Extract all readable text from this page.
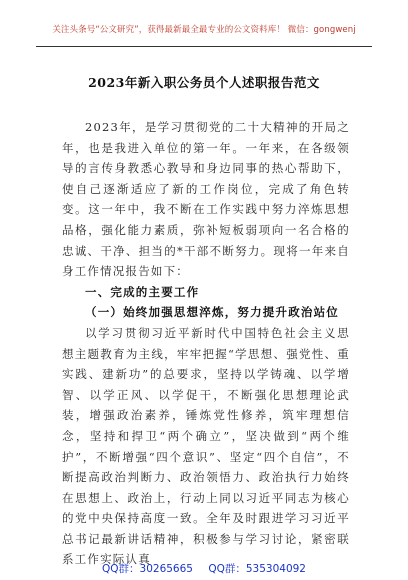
关注头条号“公文研究”，获得最新最全最专业的公文资料库！ 微信：gongwenj
2023年新入职公务员个人述职报告范文

2023年，是学习贯彻党的二十大精神的开局之年，也是我进入单位的第一年。一年来，在各级领导的言传身教悉心教导和身边同事的热心帮助下，使自己逐渐适应了新的工作岗位，完成了角色转变。这一年中，我不断在工作实践中努力淬炼思想品格，强化能力素质，弥补短板弱项向一名合格的忠诚、干净、担当的*干部不断努力。现将一年来自身工作情况报告如下：

一、完成的主要工作

（一）始终加强思想淬炼，努力提升政治站位

以学习贯彻习近平新时代中国特色社会主义思想主题教育为主线，牢牢把握“学思想、强党性、重实践、建新功”的总要求，坚持以学铸魂、以学增智、以学正风、以学促干，不断强化思想理论武装，增强政治素养，锤炼党性修养，筑牢理想信念，坚持和捍卫“两个确立”，坚决做到“两个维护”，不断增强“四个意识”、坚定“四个自信”，不断提高政治判断力、政治领悟力、政治执行力始终在思想上、政治上，行动上同以习近平同志为核心的党中央保持高度一致。全年及时跟进学习习近平总书记最新讲话精神，积极参与学习讨论，紧密联系工作实际认真

QQ群：30265665 QQ群：535304092
